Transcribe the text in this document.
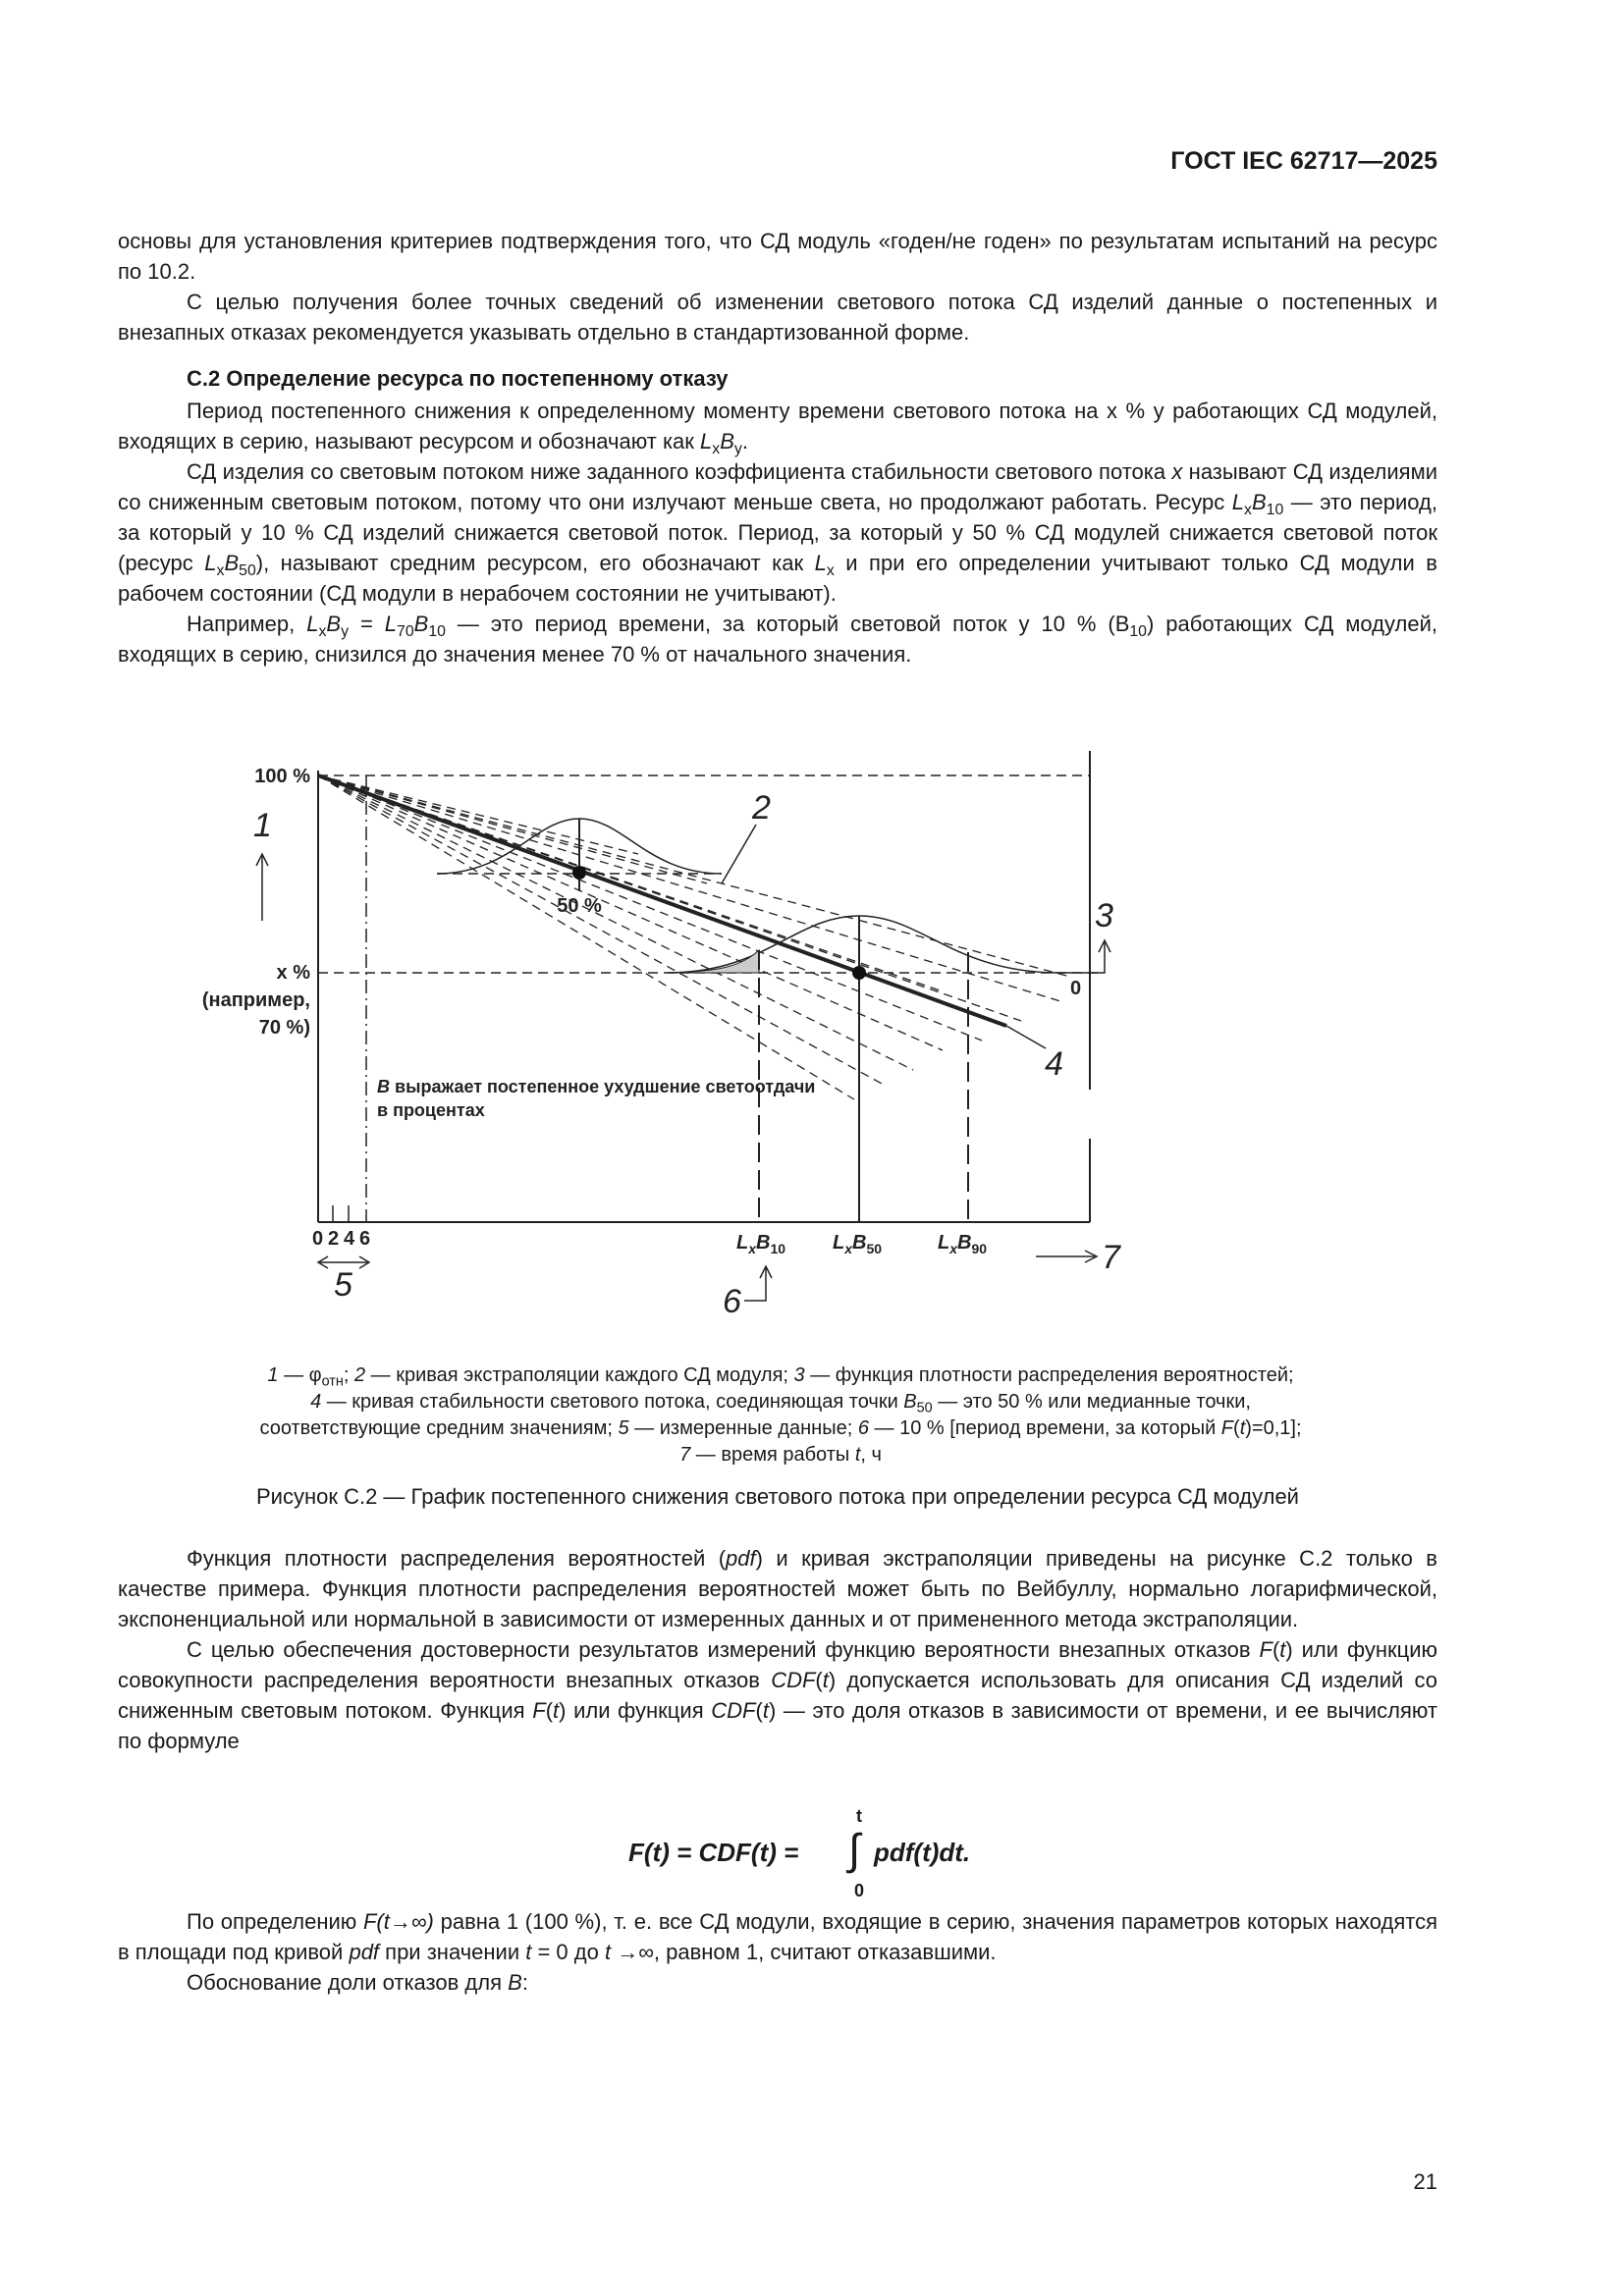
ГОСТ IEC 62717—2025

основы для установления критериев подтверждения того, что СД модуль «годен/не годен» по результатам испытаний на ресурс по 10.2.

С целью получения более точных сведений об изменении светового потока СД изделий данные о постепенных и внезапных отказах рекомендуется указывать отдельно в стандартизованной форме.

С.2 Определение ресурса по постепенному отказу

Период постепенного снижения к определенному моменту времени светового потока на x % у работающих СД модулей, входящих в серию, называют ресурсом и обозначают как $L_xB_y$.

СД изделия со световым потоком ниже заданного коэффициента стабильности светового потока x называют СД изделиями со сниженным световым потоком, потому что они излучают меньше света, но продолжают работать. Ресурс $L_xB_{10}$ — это период, за который у 10 % СД изделий снижается световой поток. Период, за который у 50 % СД модулей снижается световой поток (ресурс $L_xB_{50}$), называют средним ресурсом, его обозначают как $L_x$ и при его определении учитывают только СД модули в рабочем состоянии (СД модули в нерабочем состоянии не учитывают).

Например, $L_xB_y = L_{70}B_{10}$ — это период времени, за который световой поток у 10 % $(B_{10})$ работающих СД модулей, входящих в серию, снизился до значения менее 70 % от начального значения.

100 %
1
x %
(например,
70 %)
2
50 %	3
0
4
B выражает постепенное ухудшение светоотдачи
в процентах
0 2 4 6
5	6
7
$L_xB_{10}$ $L_xB_{50}$	$L_xB_{90}$
1 — $\varphi_{отн}$; 2 — кривая экстраполяции каждого СД модуля; 3 — функция плотности распределения вероятностей;
4 — кривая стабильности светового потока, соединяющая точки $B_{50}$ — это 50 % или медианные точки,
соответствующие средним значениям; 5 — измеренные данные; 6 — 10 % [период времени, за который F(t)=0,1];
7 — время работы t, ч
Рисунок С.2 — График постепенного снижения светового потока при определении ресурса СД модулей

Функция плотности распределения вероятностей (pdf) и кривая экстраполяции приведены на рисунке С.2 только в качестве примера. Функция плотности распределения вероятностей может быть по Вейбуллу, нормально логарифмической, экспоненциальной или нормальной в зависимости от измеренных данных и от примененного метода экстраполяции.

С целью обеспечения достоверности результатов измерений функцию вероятности внезапных отказов F(t) или функцию совокупности распределения вероятности внезапных отказов CDF(t) допускается использовать для описания СД изделий со сниженным световым потоком. Функция F(t) или функция CDF(t) — это доля отказов в зависимости от времени, и ее вычисляют по формуле

F(t) = CDF(t) =
t
∫
0
pdf(t)dt.

По определению F(t→∞) равна 1 (100 %), т. е. все СД модули, входящие в серию, значения параметров которых находятся в площади под кривой pdf при значении t = 0 до t →∞, равном 1, считают отказавшими.

Обоснование доли отказов для B:

21
